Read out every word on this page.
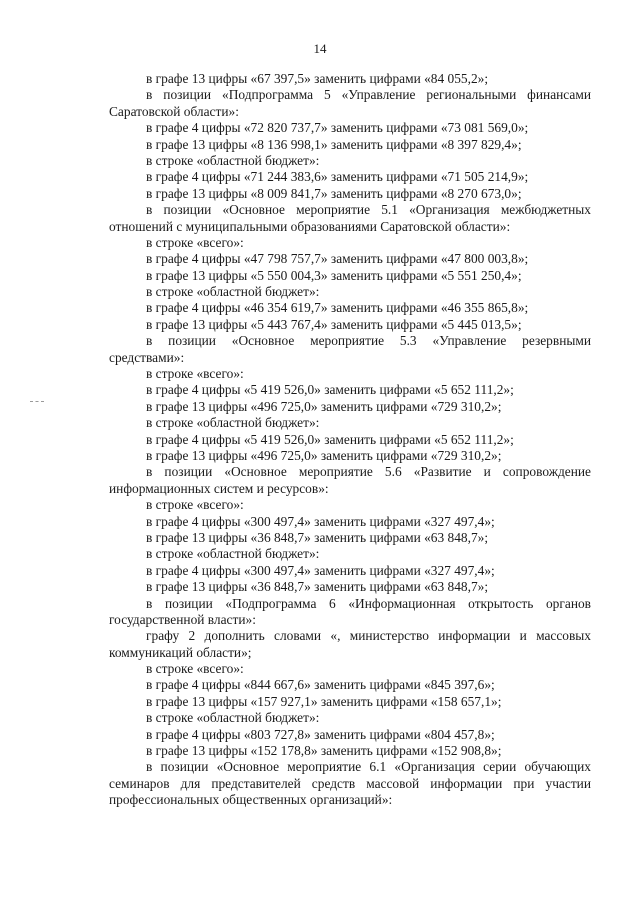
14
в графе 13 цифры «67 397,5» заменить цифрами «84 055,2»;
в позиции «Подпрограмма 5 «Управление региональными финансами
Саратовской области»:
в графе 4 цифры «72 820 737,7» заменить цифрами «73 081 569,0»;
в графе 13 цифры «8 136 998,1» заменить цифрами «8 397 829,4»;
в строке «областной бюджет»:
в графе 4 цифры «71 244 383,6» заменить цифрами «71 505 214,9»;
в графе 13 цифры «8 009 841,7» заменить цифрами «8 270 673,0»;
в позиции «Основное мероприятие 5.1 «Организация межбюджетных
отношений с муниципальными образованиями Саратовской области»:
в строке «всего»:
в графе 4 цифры «47 798 757,7» заменить цифрами «47 800 003,8»;
в графе 13 цифры «5 550 004,3» заменить цифрами «5 551 250,4»;
в строке «областной бюджет»:
в графе 4 цифры «46 354 619,7» заменить цифрами «46 355 865,8»;
в графе 13 цифры «5 443 767,4» заменить цифрами «5 445 013,5»;
в позиции «Основное мероприятие 5.3 «Управление резервными
средствами»:
в строке «всего»:
в графе 4 цифры «5 419 526,0» заменить цифрами «5 652 111,2»;
в графе 13 цифры «496 725,0» заменить цифрами «729 310,2»;
в строке «областной бюджет»:
в графе 4 цифры «5 419 526,0» заменить цифрами «5 652 111,2»;
в графе 13 цифры «496 725,0» заменить цифрами «729 310,2»;
в позиции «Основное мероприятие 5.6 «Развитие и сопровождение
информационных систем и ресурсов»:
в строке «всего»:
в графе 4 цифры «300 497,4» заменить цифрами «327 497,4»;
в графе 13 цифры «36 848,7» заменить цифрами «63 848,7»;
в строке «областной бюджет»:
в графе 4 цифры «300 497,4» заменить цифрами «327 497,4»;
в графе 13 цифры «36 848,7» заменить цифрами «63 848,7»;
в позиции «Подпрограмма 6 «Информационная открытость органов
государственной власти»:
графу 2 дополнить словами «, министерство информации и массовых
коммуникаций области»;
в строке «всего»:
в графе 4 цифры «844 667,6» заменить цифрами «845 397,6»;
в графе 13 цифры «157 927,1» заменить цифрами «158 657,1»;
в строке «областной бюджет»:
в графе 4 цифры «803 727,8» заменить цифрами «804 457,8»;
в графе 13 цифры «152 178,8» заменить цифрами «152 908,8»;
в позиции «Основное мероприятие 6.1 «Организация серии обучающих
семинаров для представителей средств массовой информации при участии
профессиональных общественных организаций»:
